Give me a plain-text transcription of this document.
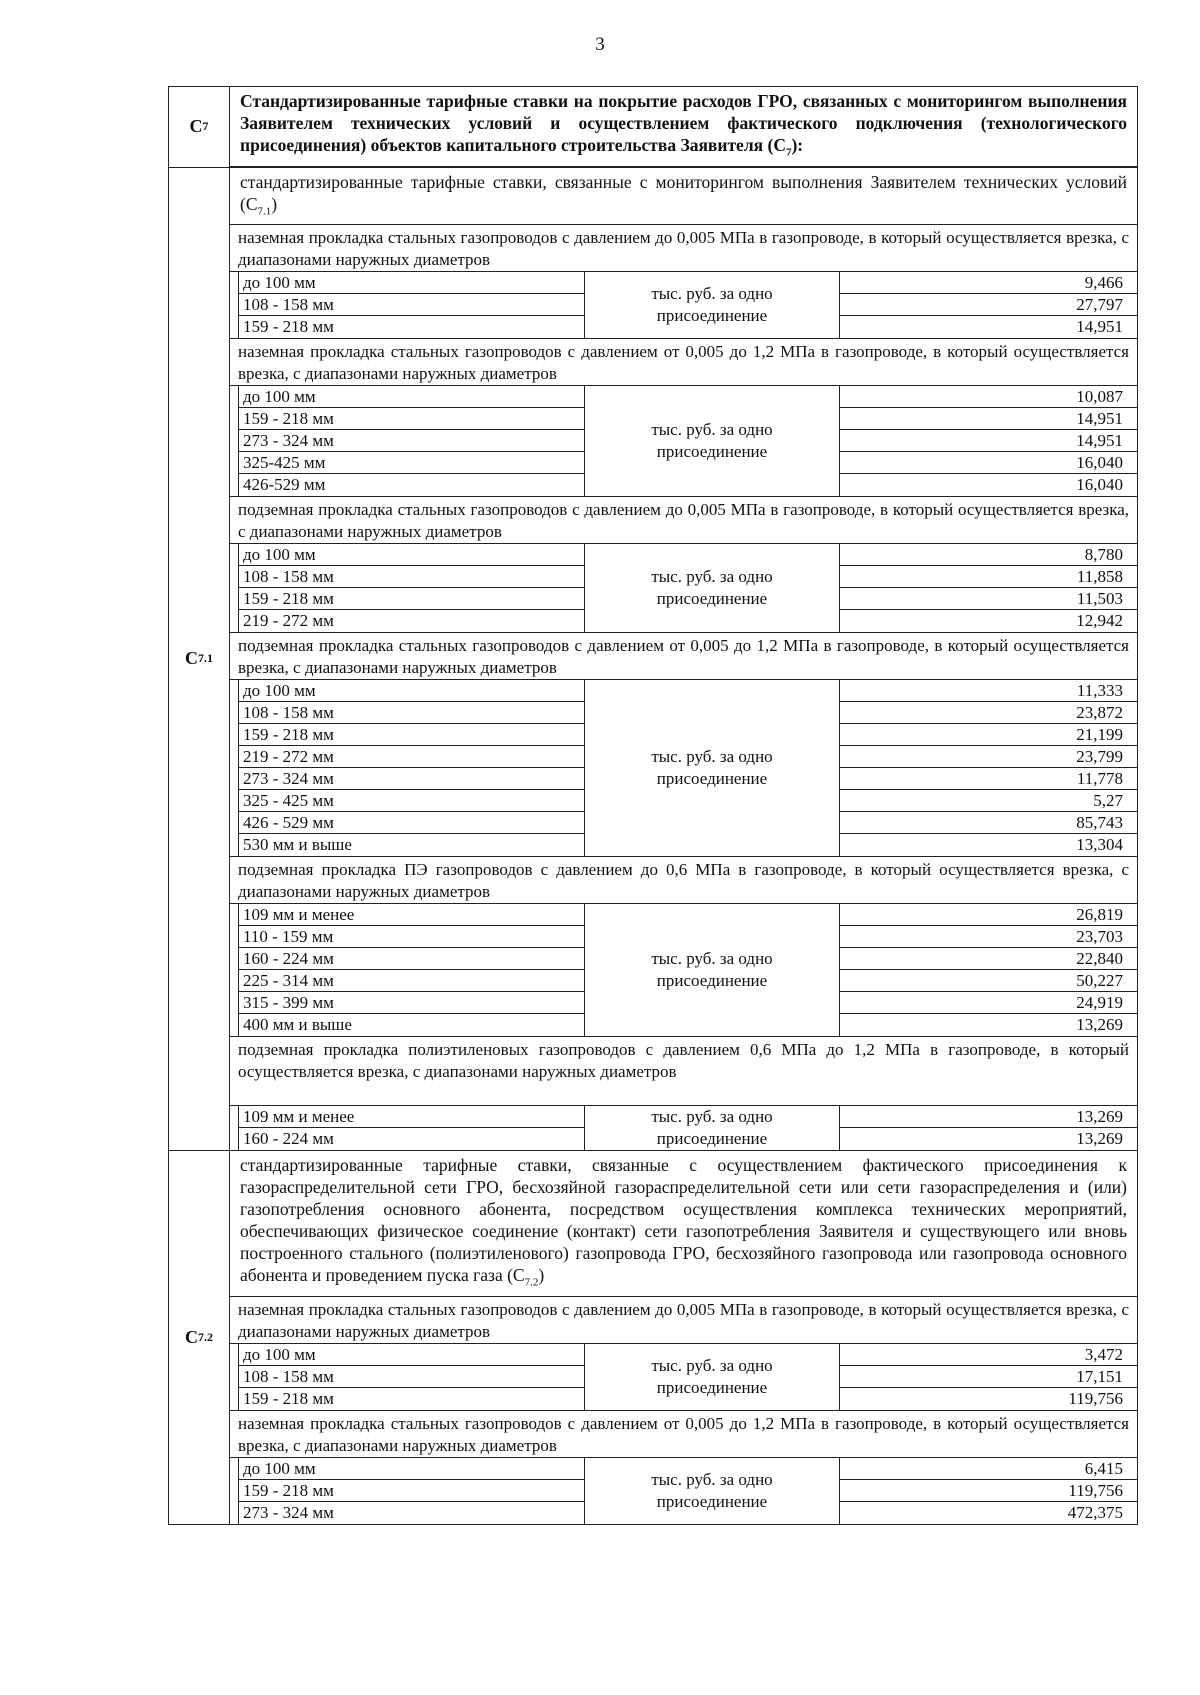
3
C 7
Стандартизированные тарифные ставки на покрытие расходов ГРО, связанных с мониторингом выполнения Заявителем технических условий и осуществлением фактического подключения (технологического присоединения) объектов капитального строительства Заявителя $(С_7)$:
C 7.1
стандартизированные тарифные ставки, связанные с мониторингом выполнения Заявителем технических условий $(С_{7.1})$
наземная прокладка стальных газопроводов с давлением до 0,005 МПа в газопроводе, в который осуществляется врезка, с диапазонами наружных диаметров
до 100 мм
108 - 158 мм
159 - 218 мм
тыс. руб. за одно присоединение
9,466
27,797
14,951
наземная прокладка стальных газопроводов с давлением от 0,005 до 1,2 МПа в газопроводе, в который осуществляется врезка, с диапазонами наружных диаметров
до 100 мм
159 - 218 мм
273 - 324 мм
325-425 мм
426-529 мм
тыс. руб. за одно присоединение
10,087
14,951
14,951
16,040
16,040
подземная прокладка стальных газопроводов с давлением до 0,005 МПа в газопроводе, в который осуществляется врезка, с диапазонами наружных диаметров
до 100 мм
108 - 158 мм
159 - 218 мм
219 - 272 мм
тыс. руб. за одно присоединение
8,780
11,858
11,503
12,942
подземная прокладка стальных газопроводов с давлением от 0,005 до 1,2 МПа в газопроводе, в который осуществляется врезка, с диапазонами наружных диаметров
до 100 мм
108 - 158 мм
159 - 218 мм
219 - 272 мм
273 - 324 мм
325 - 425 мм
426 - 529 мм
530 мм и выше
тыс. руб. за одно присоединение
11,333
23,872
21,199
23,799
11,778
5,27
85,743
13,304
подземная прокладка ПЭ газопроводов с давлением до 0,6 МПа в газопроводе, в который осуществляется врезка, с диапазонами наружных диаметров
109 мм и менее
110 - 159 мм
160 - 224 мм
225 - 314 мм
315 - 399 мм
400 мм и выше
тыс. руб. за одно присоединение
26,819
23,703
22,840
50,227
24,919
13,269
подземная прокладка полиэтиленовых газопроводов с давлением 0,6 МПа до 1,2 МПа в газопроводе, в который осуществляется врезка, с диапазонами наружных диаметров
109 мм и менее
160 - 224 мм
тыс. руб. за одно присоединение
13,269
13,269
C 7.2
стандартизированные тарифные ставки, связанные с осуществлением фактического присоединения к газораспределительной сети ГРО, бесхозяйной газораспределительной сети или сети газораспределения и (или) газопотребления основного абонента, посредством осуществления комплекса технических мероприятий, обеспечивающих физическое соединение (контакт) сети газопотребления Заявителя и существующего или вновь построенного стального (полиэтиленового) газопровода ГРО, бесхозяйного газопровода или газопровода основного абонента и проведением пуска газа $(С_{7.2})$
наземная прокладка стальных газопроводов с давлением до 0,005 МПа в газопроводе, в который осуществляется врезка, с диапазонами наружных диаметров
до 100 мм
108 - 158 мм
159 - 218 мм
тыс. руб. за одно присоединение
3,472
17,151
119,756
наземная прокладка стальных газопроводов с давлением от 0,005 до 1,2 МПа в газопроводе, в который осуществляется врезка, с диапазонами наружных диаметров
до 100 мм
159 - 218 мм
273 - 324 мм
тыс. руб. за одно присоединение
6,415
119,756
472,375
